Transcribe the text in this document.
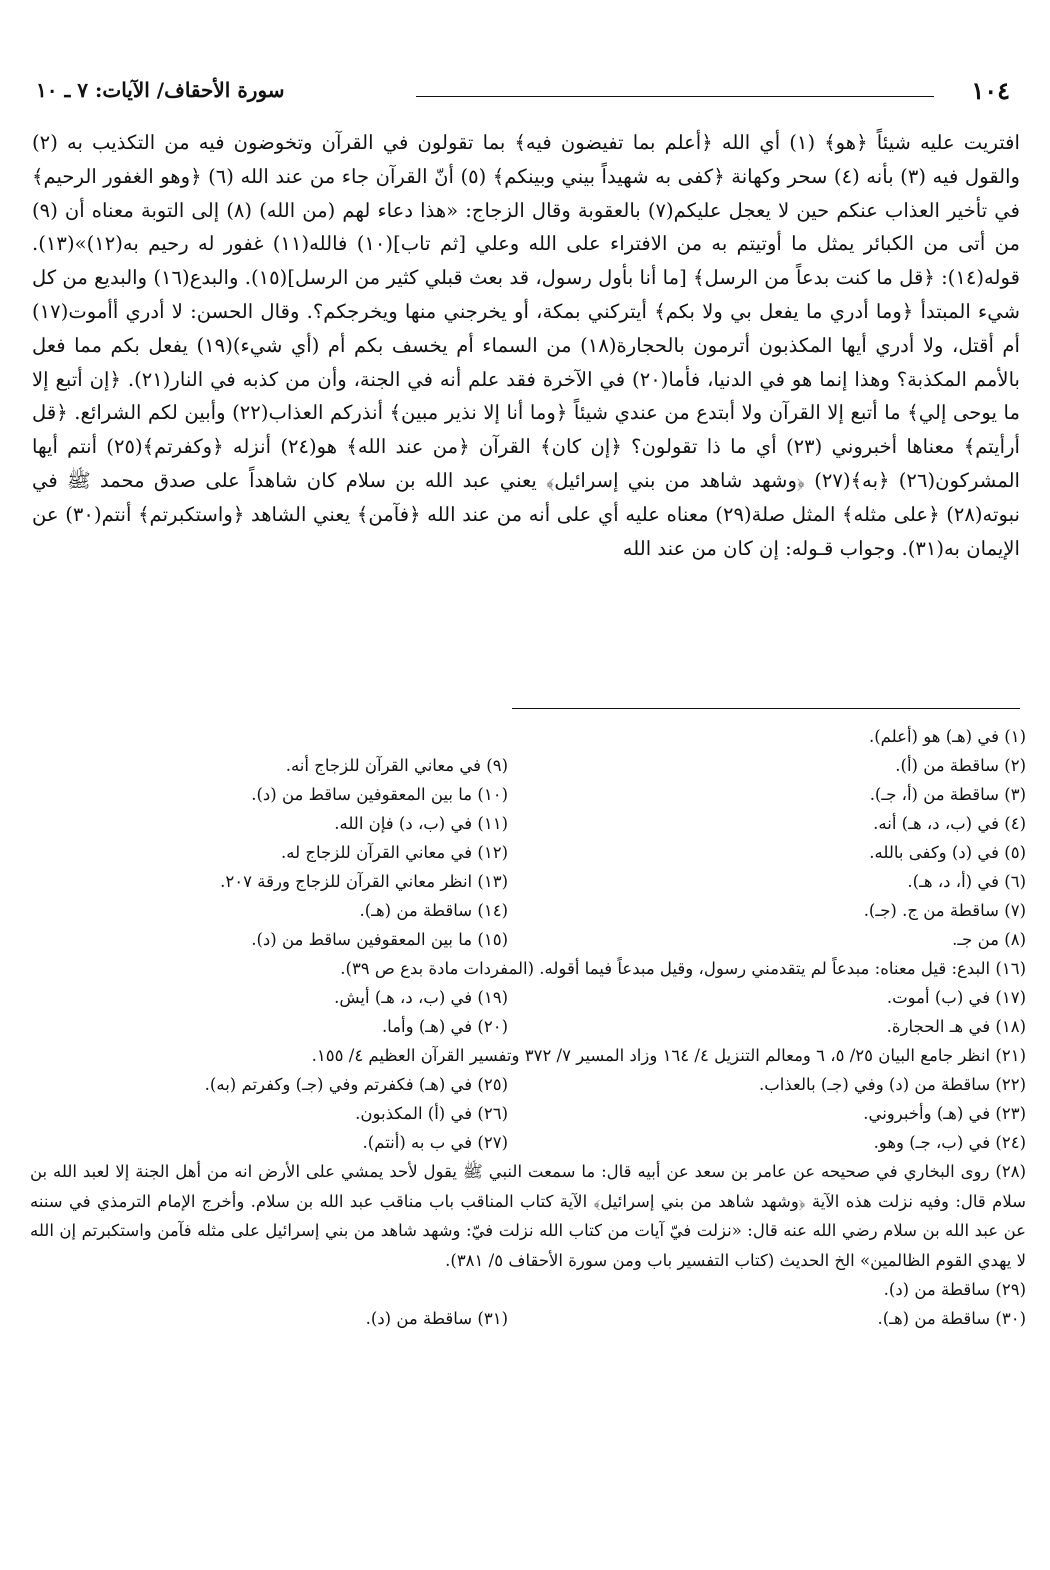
١٠٤
سورة الأحقاف/ الآيات: ٧ ـ ١٠

افتريت عليه شيئاً ﴿هو﴾ (١) أي الله ﴿أعلم بما تفيضون فيه﴾ بما تقولون في القرآن وتخوضون فيه من التكذيب به (٢) والقول فيه (٣) بأنه (٤) سحر وكهانة ﴿كفى به شهيداً بيني وبينكم﴾ (٥) أنّ القرآن جاء من عند الله (٦) ﴿وهو الغفور الرحيم﴾ في تأخير العذاب عنكم حين لا يعجل عليكم(٧) بالعقوبة وقال الزجاج: «هذا دعاء لهم (من الله) (٨) إلى التوبة معناه أن (٩) من أتى من الكبائر يمثل ما أوتيتم به من الافتراء على الله وعلي [ثم تاب](١٠) فالله(١١) غفور له رحيم به(١٢)»(١٣). قوله(١٤): ﴿قل ما كنت بدعاً من الرسل﴾ [ما أنا بأول رسول، قد بعث قبلي كثير من الرسل](١٥). والبدع(١٦) والبديع من كل شيء المبتدأ ﴿وما أدري ما يفعل بي ولا بكم﴾ أيتركني بمكة، أو يخرجني منها ويخرجكم؟. وقال الحسن: لا أدري أأموت(١٧) أم أقتل، ولا أدري أيها المكذبون أترمون بالحجارة(١٨) من السماء أم يخسف بكم أم (أي شيء)(١٩) يفعل بكم مما فعل بالأمم المكذبة؟ وهذا إنما هو في الدنيا، فأما(٢٠) في الآخرة فقد علم أنه في الجنة، وأن من كذبه في النار(٢١). ﴿إن أتبع إلا ما يوحى إلي﴾ ما أتبع إلا القرآن ولا أبتدع من عندي شيئاً ﴿وما أنا إلا نذير مبين﴾ أنذركم العذاب(٢٢) وأبين لكم الشرائع. ﴿قل أرأيتم﴾ معناها أخبروني (٢٣) أي ما ذا تقولون؟ ﴿إن كان﴾ القرآن ﴿من عند الله﴾ هو(٢٤) أنزله ﴿وكفرتم﴾(٢٥) أنتم أيها المشركون(٢٦) ﴿به﴾(٢٧) ﴿وشهد شاهد من بني إسرائيل﴾ يعني عبد الله بن سلام كان شاهداً على صدق محمد ﷺ في نبوته(٢٨) ﴿على مثله﴾ المثل صلة(٢٩) معناه عليه أي على أنه من عند الله ﴿فآمن﴾ يعني الشاهد ﴿واستكبرتم﴾ أنتم(٣٠) عن الإيمان به(٣١). وجواب قـوله: إن كان من عند الله

(١) في (هـ) هو (أعلم).
(٢) ساقطة من (أ).
(٩) في معاني القرآن للزجاج أنه.
(٣) ساقطة من (أ، جـ).
(١٠) ما بين المعقوفين ساقط من (د).
(٤) في (ب، د، هـ) أنه.
(١١) في (ب، د) فإن الله.
(٥) في (د) وكفى بالله.
(١٢) في معاني القرآن للزجاج له.
(٦) في (أ، د، هـ).
(١٣) انظر معاني القرآن للزجاج ورقة ٢٠٧.
(٧) ساقطة من ج. (جـ).
(١٤) ساقطة من (هـ).
(٨) من جـ.
(١٥) ما بين المعقوفين ساقط من (د).
(١٦) البدع: قيل معناه: مبدعاً لم يتقدمني رسول، وقيل مبدعاً فيما أقوله. (المفردات مادة بدع ص ٣٩).
(١٧) في (ب) أموت.
(١٩) في (ب، د، هـ) أيش.
(١٨) في هـ الحجارة.
(٢٠) في (هـ) وأما.
(٢١) انظر جامع البيان ٢٥/ ٥، ٦ ومعالم التنزيل ٤/ ١٦٤ وزاد المسير ٧/ ٣٧٢ وتفسير القرآن العظيم ٤/ ١٥٥.
(٢٢) ساقطة من (د) وفي (جـ) بالعذاب.
(٢٥) في (هـ) فكفرتم وفي (جـ) وكفرتم (به).
(٢٣) في (هـ) وأخبروني.
(٢٦) في (أ) المكذبون.
(٢٤) في (ب، جـ) وهو.
(٢٧) في ب به (أنتم).
(٢٨) روى البخاري في صحيحه عن عامر بن سعد عن أبيه قال: ما سمعت النبي ﷺ يقول لأحد يمشي على الأرض انه من أهل الجنة إلا لعبد الله بن سلام قال: وفيه نزلت هذه الآية ﴿وشهد شاهد من بني إسرائيل﴾ الآية كتاب المناقب باب مناقب عبد الله بن سلام. وأخرج الإمام الترمذي في سننه عن عبد الله بن سلام رضي الله عنه قال: «نزلت فيّ آيات من كتاب الله نزلت فيّ: وشهد شاهد من بني إسرائيل على مثله فآمن واستكبرتم إن الله لا يهدي القوم الظالمين» الخ الحديث (كتاب التفسير باب ومن سورة الأحقاف ٥/ ٣٨١).
(٢٩) ساقطة من (د).
(٣٠) ساقطة من (هـ).
(٣١) ساقطة من (د).
